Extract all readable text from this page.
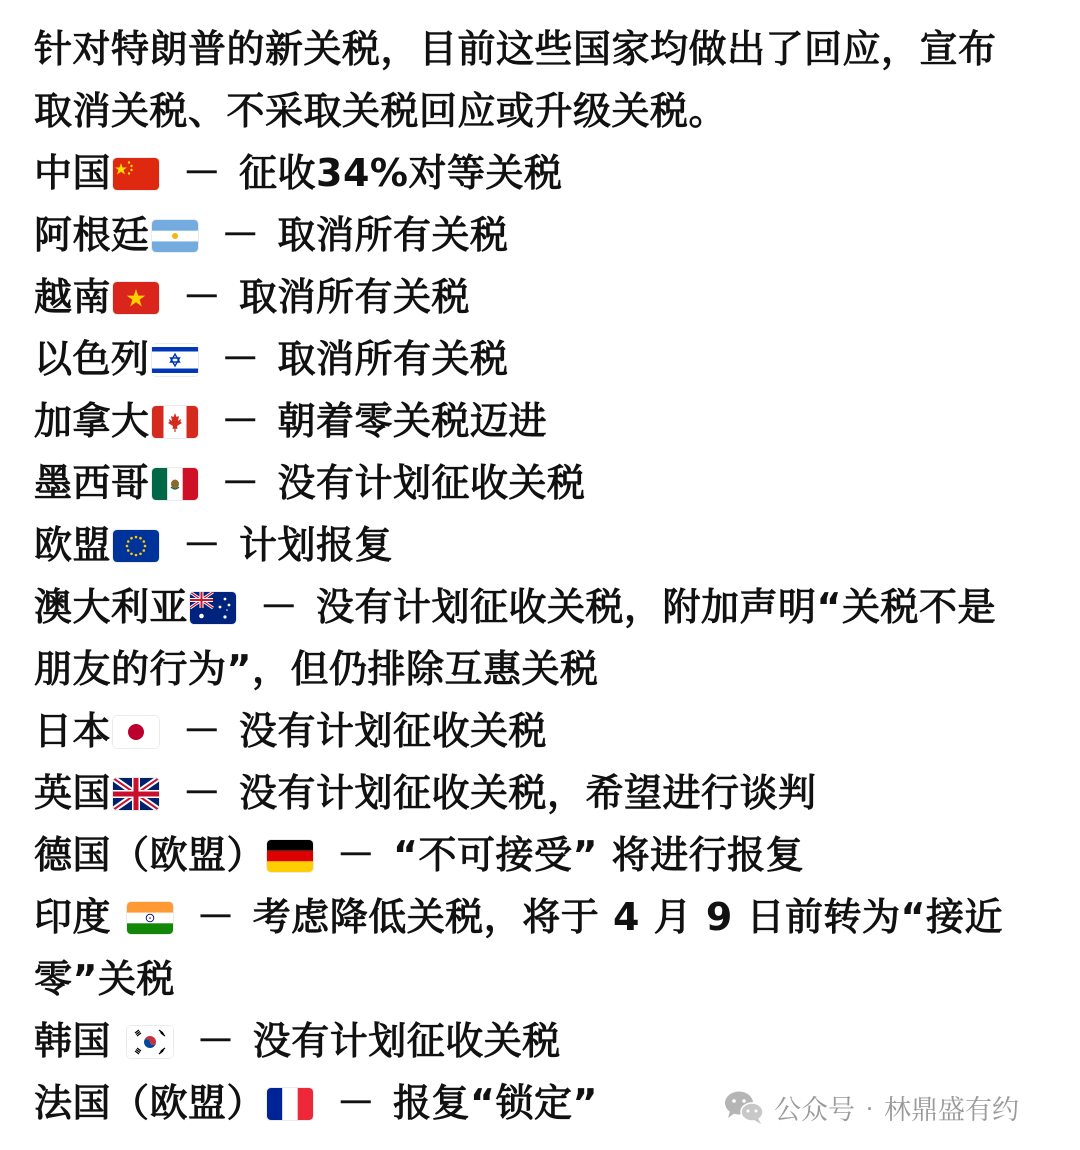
针对特朗普的新关税，目前这些国家均做出了回应，宣布
取消关税、不采取关税回应或升级关税。
中国 － 征收34%对等关税
阿根廷 － 取消所有关税
越南 － 取消所有关税
以色列 － 取消所有关税
加拿大 － 朝着零关税迈进
墨西哥 － 没有计划征收关税
欧盟 － 计划报复
澳大利亚 － 没有计划征收关税，附加声明“关税不是
朋友的行为”，但仍排除互惠关税
日本 － 没有计划征收关税
英国 － 没有计划征收关税，希望进行谈判
德国（欧盟） － “不可接受” 将进行报复
印度
－ 考虑降低关税，将于 4 月 9 日前转为“接近
零”关税
韩国
－ 没有计划征收关税
法国（欧盟） － 报复“锁定”	公众号 · 林鼎盛有约
